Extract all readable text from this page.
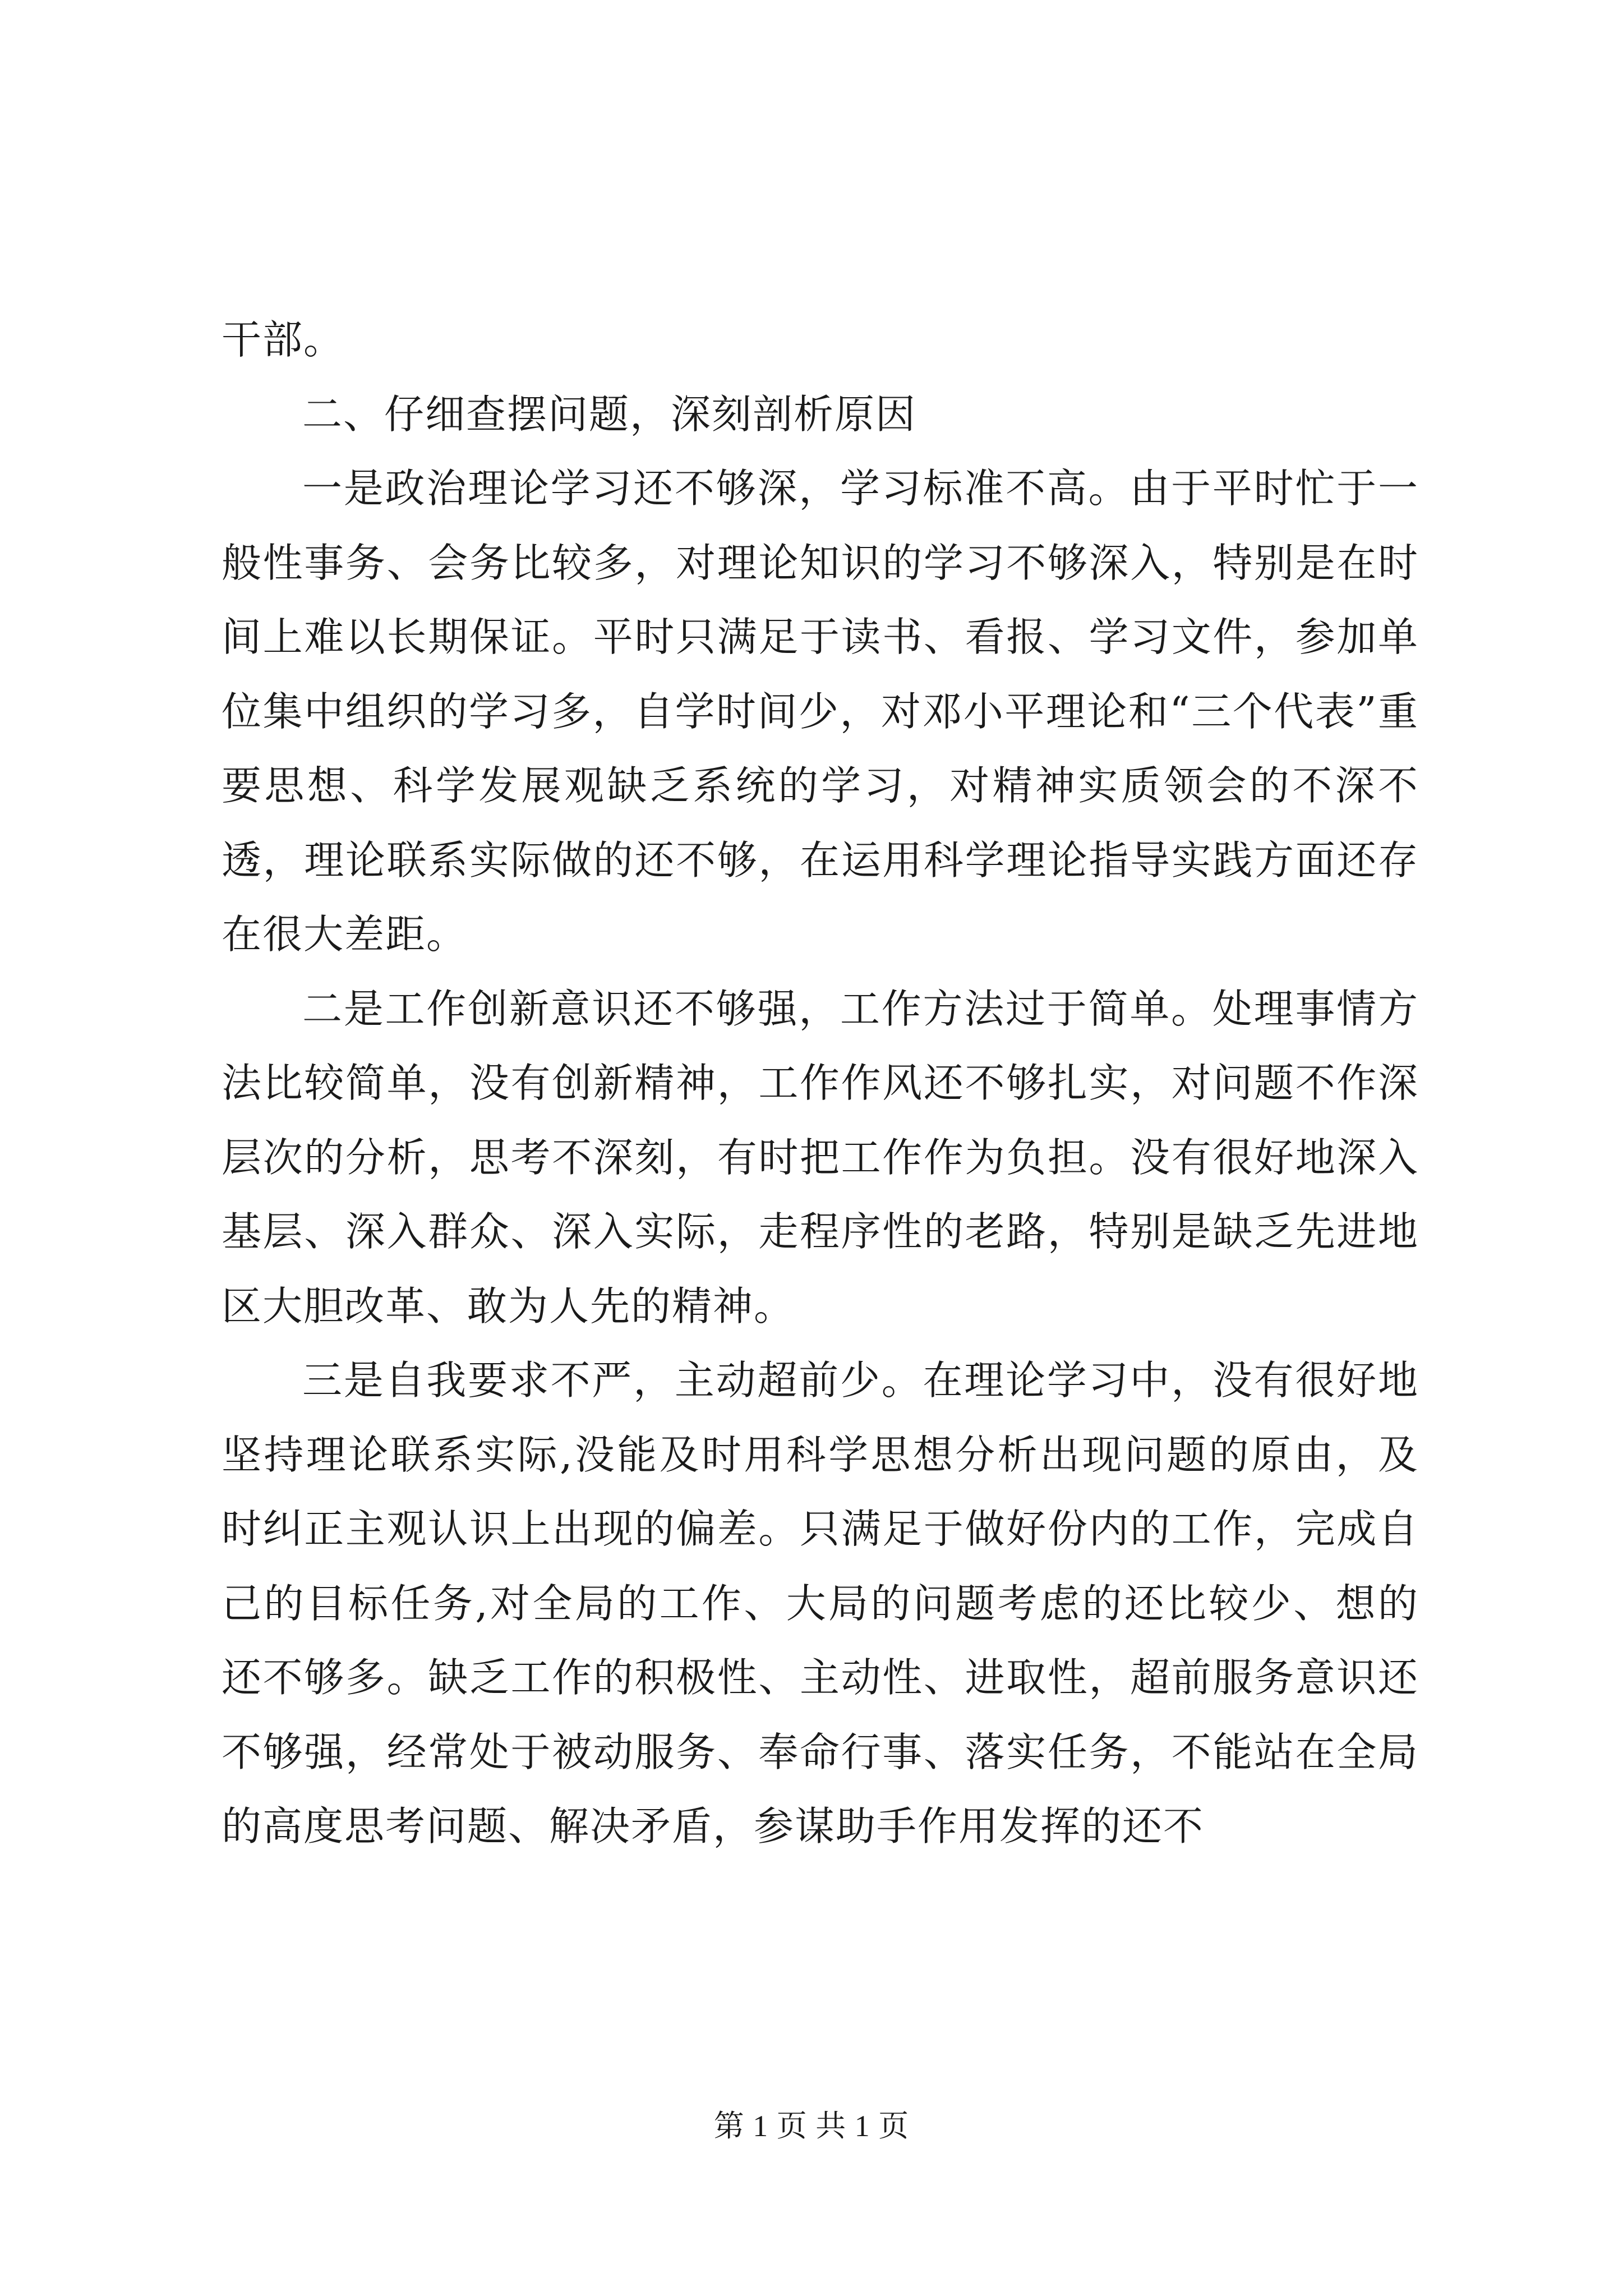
干部。

二、仔细查摆问题，深刻剖析原因

一是政治理论学习还不够深，学习标准不高。由于平时忙于一般性事务、会务比较多，对理论知识的学习不够深入，特别是在时间上难以长期保证。平时只满足于读书、看报、学习文件，参加单位集中组织的学习多，自学时间少，对邓小平理论和“三个代表”重要思想、科学发展观缺乏系统的学习，对精神实质领会的不深不透，理论联系实际做的还不够，在运用科学理论指导实践方面还存在很大差距。

二是工作创新意识还不够强，工作方法过于简单。处理事情方法比较简单，没有创新精神，工作作风还不够扎实，对问题不作深层次的分析，思考不深刻，有时把工作作为负担。没有很好地深入基层、深入群众、深入实际，走程序性的老路，特别是缺乏先进地区大胆改革、敢为人先的精神。

三是自我要求不严，主动超前少。在理论学习中，没有很好地坚持理论联系实际,没能及时用科学思想分析出现问题的原由，及时纠正主观认识上出现的偏差。只满足于做好份内的工作，完成自己的目标任务,对全局的工作、大局的问题考虑的还比较少、想的还不够多。缺乏工作的积极性、主动性、进取性，超前服务意识还不够强，经常处于被动服务、奉命行事、落实任务，不能站在全局的高度思考问题、解决矛盾，参谋助手作用发挥的还不

第 1 页 共 1 页
